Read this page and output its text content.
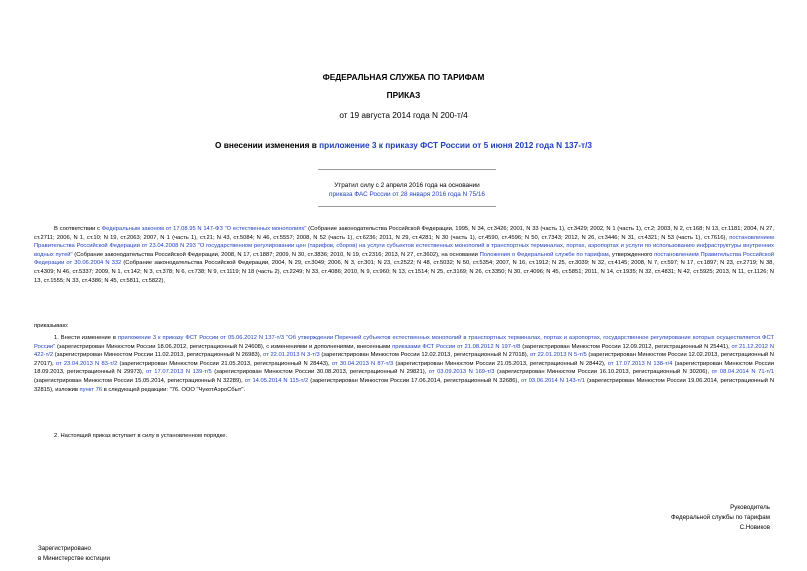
ФЕДЕРАЛЬНАЯ СЛУЖБА ПО ТАРИФАМ
ПРИКАЗ
от 19 августа 2014 года N 200-т/4
О внесении изменения в приложение 3 к приказу ФСТ России от 5 июня 2012 года N 137-т/3
Утратил силу с 2 апреля 2016 года на основании
приказа ФАС России от 28 января 2016 года N 75/16
В соответствии с Федеральным законом от 17.08.95 N 147-ФЗ "О естественных монополиях" (Собрание законодательства Российской Федерации, 1995, N 34, ст.3426; 2001, N 33 (часть 1), ст.3429; 2002, N 1 (часть 1), ст.2; 2003, N 2, ст.168; N 13, ст.1181; 2004, N 27, ст.2711; 2006, N 1, ст.10; N 19, ст.2063; 2007, N 1 (часть 1), ст.21; N 43, ст.5084; N 46, ст.5557; 2008, N 52 (часть 1), ст.6236; 2011, N 29, ст.4281; N 30 (часть 1), ст.4590, ст.4596; N 50, ст.7343; 2012, N 26, ст.3446; N 31, ст.4321; N 53 (часть 1), ст.7616), постановлением Правительства Российской Федерации от 23.04.2008 N 293 "О государственном регулировании цен (тарифов, сборов) на услуги субъектов естественных монополий в транспортных терминалах, портах, аэропортах и услуги по использованию инфраструктуры внутренних водных путей" (Собрание законодательства Российской Федерации, 2008, N 17, ст.1887; 2009, N 30, ст.3836; 2010, N 19, ст.2316; 2013, N 27, ст.3602), на основании Положения о Федеральной службе по тарифам, утвержденного постановлением Правительства Российской Федерации от 30.06.2004 N 332 (Собрание законодательства Российской Федерации, 2004, N 29, ст.3049; 2006, N 3, ст.301; N 23, ст.2522; N 48, ст.5032; N 50, ст.5354; 2007, N 16, ст.1912; N 25, ст.3039; N 32, ст.4145; 2008, N 7, ст.597; N 17, ст.1897; N 23, ст.2719; N 38, ст.4309; N 46, ст.5337; 2009, N 1, ст.142; N 3, ст.378; N 6, ст.738; N 9, ст.1119; N 18 (часть 2), ст.2249; N 33, ст.4086; 2010, N 9, ст.960; N 13, ст.1514; N 25, ст.3169; N 26, ст.3350; N 30, ст.4096; N 45, ст.5851; 2011, N 14, ст.1935; N 32, ст.4831; N 42, ст.5925; 2013, N 11, ст.1126; N 13, ст.1555; N 33, ст.4386; N 45, ст.5811, ст.5822),
приказываю:
1. Внести изменение в приложение 3 к приказу ФСТ России от 05.06.2012 N 137-т/3 "Об утверждении Перечней субъектов естественных монополий в транспортных терминалах, портах и аэропортах, государственное регулирование которых осуществляется ФСТ России" (зарегистрирован Минюстом России 18.06.2012, регистрационный N 24608), с изменениями и дополнениями, внесенными приказами ФСТ России от 21.08.2012 N 197-т/8 (зарегистрирован Минюстом России 12.09.2012, регистрационный N 25441), от 21.12.2012 N 422-т/2 (зарегистрирован Минюстом России 11.02.2013, регистрационный N 26983), от 22.01.2013 N 3-т/3 (зарегистрирован Минюстом России 12.02.2013, регистрационный N 27018), от 22.01.2013 N 5-т/5 (зарегистрирован Минюстом России 12.02.2013, регистрационный N 27017), от 23.04.2013 N 83-т/2 (зарегистрирован Минюстом России 21.05.2013, регистрационный N 28443), от 30.04.2013 N 87-т/3 (зарегистрирован Минюстом России 21.05.2013, регистрационный N 28442), от 17.07.2013 N 138-т/4 (зарегистрирован Минюстом России 18.09.2013, регистрационный N 29973), от 17.07.2013 N 139-т/5 (зарегистрирован Минюстом России 30.08.2013, регистрационный N 29821), от 03.09.2013 N 169-т/3 (зарегистрирован Минюстом России 16.10.2013, регистрационный N 30206), от 08.04.2014 N 71-т/1 (зарегистрирован Минюстом России 15.05.2014, регистрационный N 32289), от 14.05.2014 N 115-т/2 (зарегистрирован Минюстом России 17.06.2014, регистрационный N 32686), от 03.06.2014 N 143-т/1 (зарегистрирован Минюстом России 19.06.2014, регистрационный N 32815), изложив пункт 76 в следующей редакции: "76. ООО "ЧукотАэроСбыт".
2. Настоящий приказ вступает в силу в установленном порядке.
Руководитель
Федеральной службы по тарифам
С.Новиков
Зарегистрировано
в Министерстве юстиции
